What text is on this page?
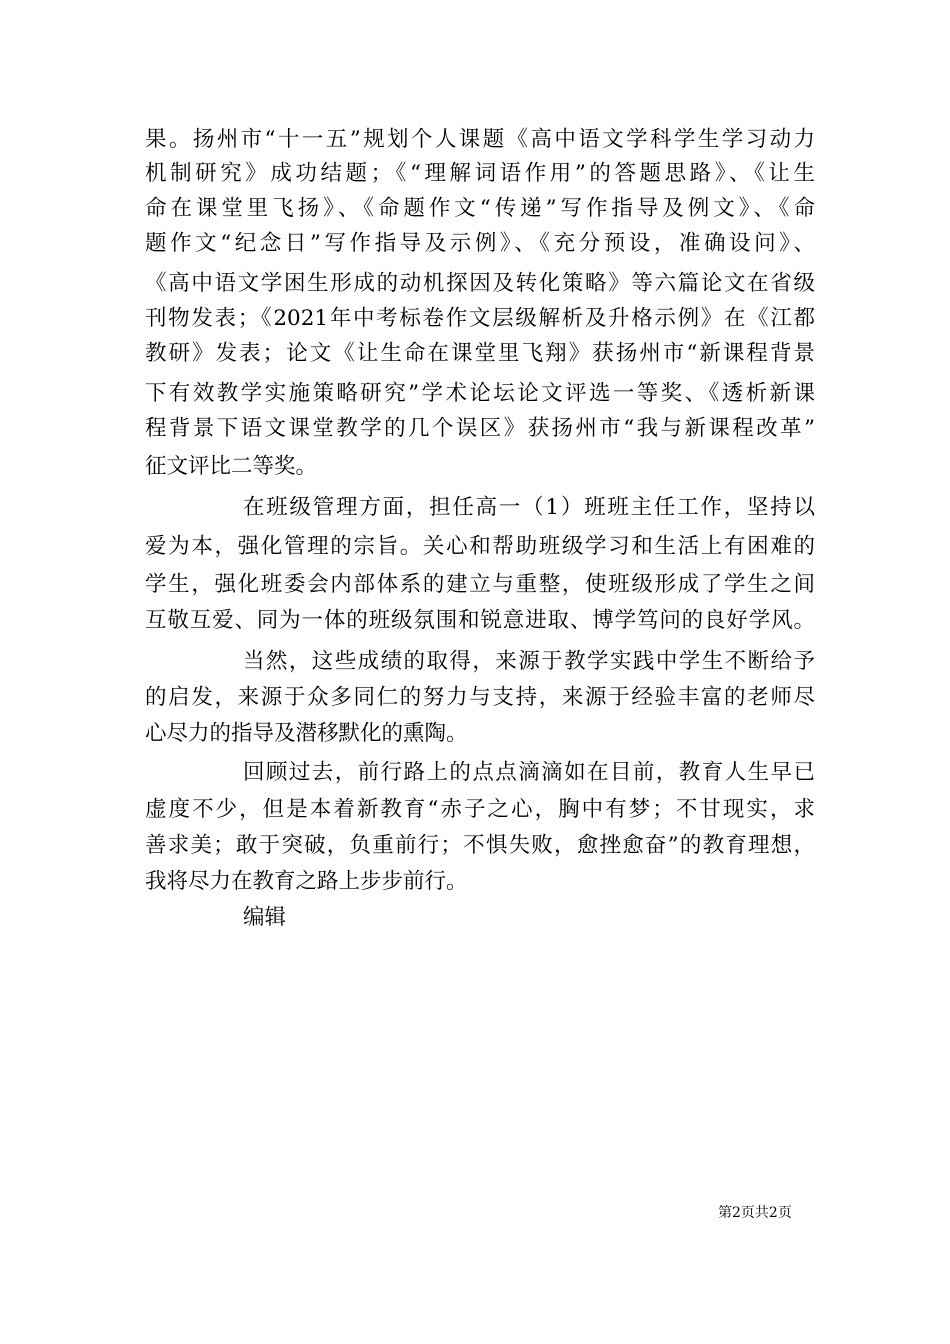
果。扬州市“十一五”规划个人课题《高中语文学科学生学习动力
机制研究》成功结题；《“理解词语作用”的答题思路》、《让生
命在课堂里飞扬》、《命题作文“传递”写作指导及例文》、《命
题作文“纪念日”写作指导及示例》、《充分预设，准确设问》、
《高中语文学困生形成的动机探因及转化策略》等六篇论文在省级
刊物发表；《2021年中考标卷作文层级解析及升格示例》在《江都
教研》发表；论文《让生命在课堂里飞翔》获扬州市“新课程背景
下有效教学实施策略研究”学术论坛论文评选一等奖、《透析新课
程背景下语文课堂教学的几个误区》获扬州市“我与新课程改革”
征文评比二等奖。
在班级管理方面，担任高一（1）班班主任工作，坚持以
爱为本，强化管理的宗旨。关心和帮助班级学习和生活上有困难的
学生，强化班委会内部体系的建立与重整，使班级形成了学生之间
互敬互爱、同为一体的班级氛围和锐意进取、博学笃问的良好学风。
当然，这些成绩的取得，来源于教学实践中学生不断给予
的启发，来源于众多同仁的努力与支持，来源于经验丰富的老师尽
心尽力的指导及潜移默化的熏陶。
回顾过去，前行路上的点点滴滴如在目前，教育人生早已
虚度不少，但是本着新教育“赤子之心，胸中有梦；不甘现实，求
善求美；敢于突破，负重前行；不惧失败，愈挫愈奋”的教育理想，
我将尽力在教育之路上步步前行。
编辑
第2页共2页
